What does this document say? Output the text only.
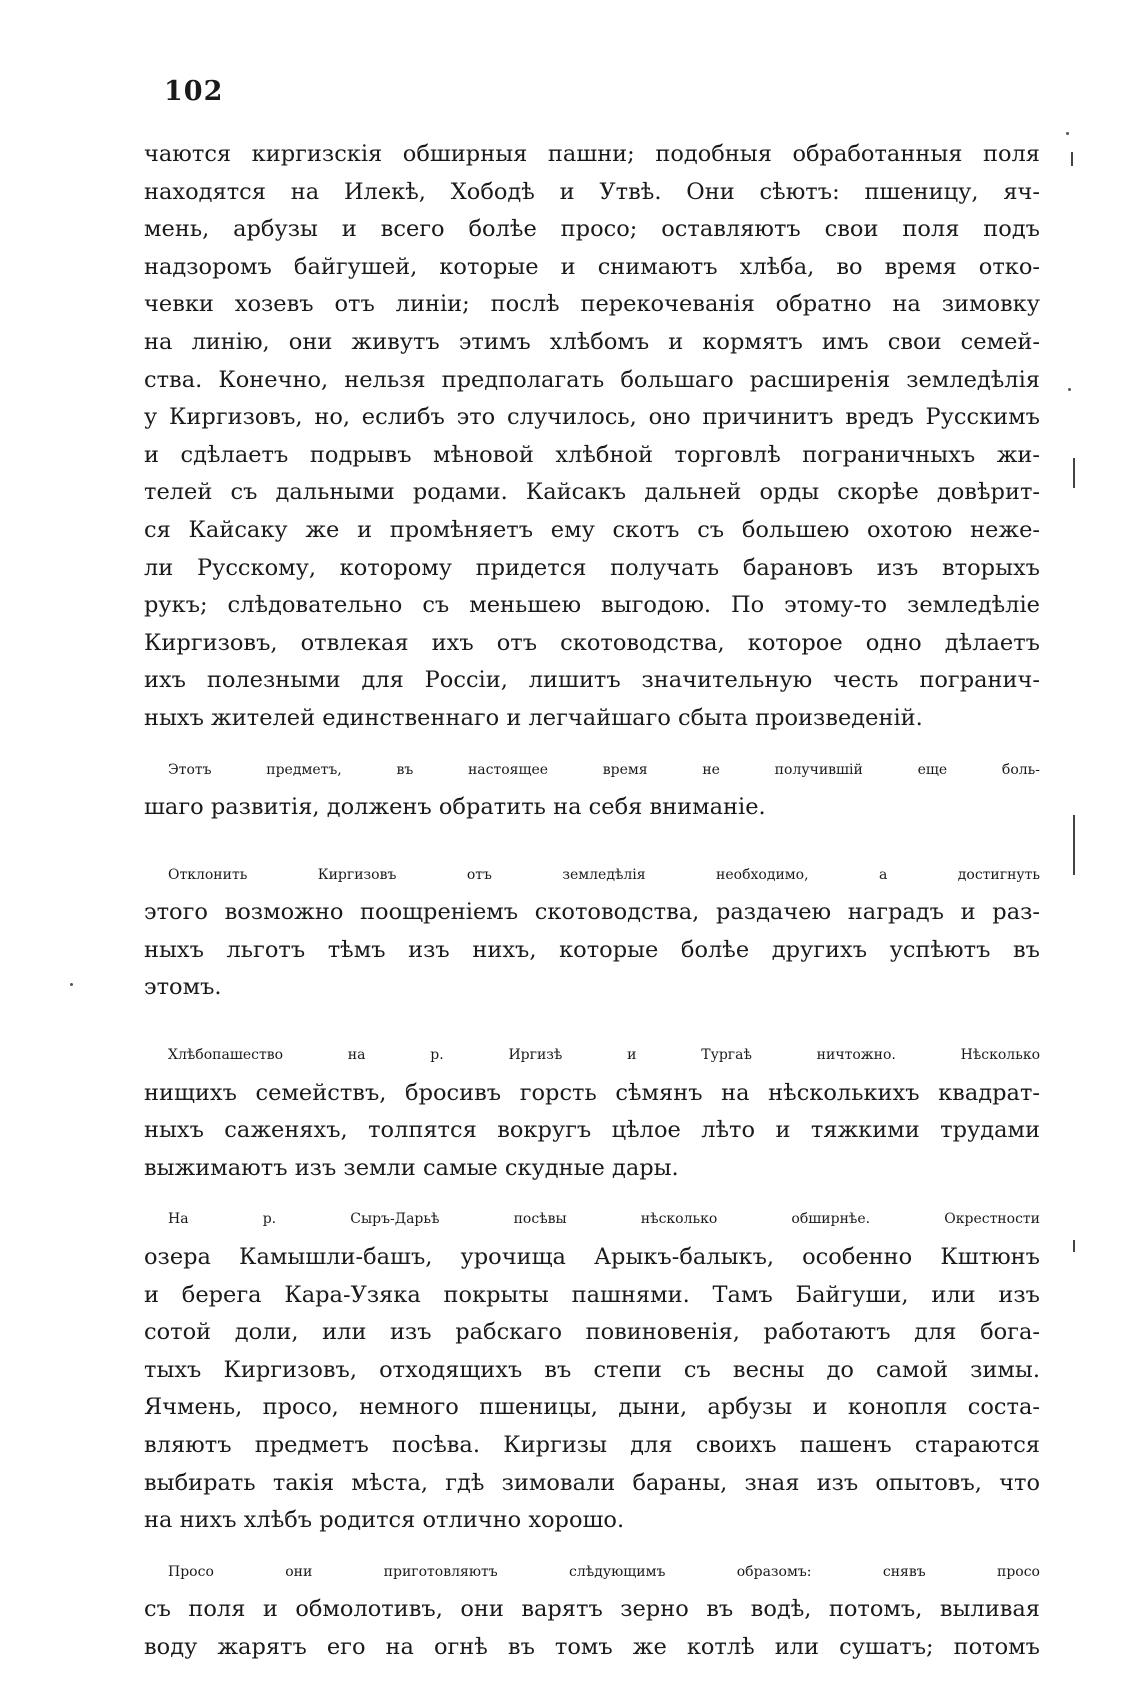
102

чаются киргизскія обширныя пашни; подобныя обработанныя поля
находятся на Илекѣ, Хободѣ и Утвѣ. Они сѣютъ: пшеницу, яч-
мень, арбузы и всего болѣе просо; оставляютъ свои поля подъ
надзоромъ байгушей, которые и снимаютъ хлѣба, во время отко-
чевки хозевъ отъ линіи; послѣ перекочеванія обратно на зимовку
на линію, они живутъ этимъ хлѣбомъ и кормятъ имъ свои семей-
ства. Конечно, нельзя предполагать большаго расширенія земледѣлія
у Киргизовъ, но, еслибъ это случилось, оно причинитъ вредъ Русскимъ
и сдѣлаетъ подрывъ мѣновой хлѣбной торговлѣ пограничныхъ жи-
телей съ дальными родами. Кайсакъ дальней орды скорѣе довѣрит-
ся Кайсаку же и промѣняетъ ему скотъ съ большею охотою неже-
ли Русскому, которому придется получать барановъ изъ вторыхъ
рукъ; слѣдовательно съ меньшею выгодою. По этому-то земледѣліе
Киргизовъ, отвлекая ихъ отъ скотоводства, которое одно дѣлаетъ
ихъ полезными для Россіи, лишитъ значительную честь погранич-
ныхъ жителей единственнаго и легчайшаго сбыта произведеній.

Этотъ предметъ, въ настоящее время не получившій еще боль-
шаго развитія, долженъ обратить на себя вниманіе.

Отклонить Киргизовъ отъ земледѣлія необходимо, а достигнуть
этого возможно поощреніемъ скотоводства, раздачею наградъ и раз-
ныхъ льготъ тѣмъ изъ нихъ, которые болѣе другихъ успѣютъ въ
этомъ.

Хлѣбопашество на р. Иргизѣ и Тургаѣ ничтожно. Нѣсколько
нищихъ семействъ, бросивъ горсть сѣмянъ на нѣсколькихъ квадрат-
ныхъ саженяхъ, толпятся вокругъ цѣлое лѣто и тяжкими трудами
выжимаютъ изъ земли самые скудные дары.

На р. Сыръ-Дарьѣ посѣвы нѣсколько обширнѣе. Окрестности
озера Камышли-башъ, урочища Арыкъ-балыкъ, особенно Кштюнъ
и берега Кара-Узяка покрыты пашнями. Тамъ Байгуши, или изъ
сотой доли, или изъ рабскаго повиновенія, работаютъ для бога-
тыхъ Киргизовъ, отходящихъ въ степи съ весны до самой зимы.
Ячмень, просо, немного пшеницы, дыни, арбузы и конопля соста-
вляютъ предметъ посѣва. Киргизы для своихъ пашенъ стараются
выбирать такія мѣста, гдѣ зимовали бараны, зная изъ опытовъ, что
на нихъ хлѣбъ родится отлично хорошо.

Просо они приготовляютъ слѣдующимъ образомъ: снявъ просо
съ поля и обмолотивъ, они варятъ зерно въ водѣ, потомъ, выливая
воду жарятъ его на огнѣ въ томъ же котлѣ или сушатъ; потомъ
